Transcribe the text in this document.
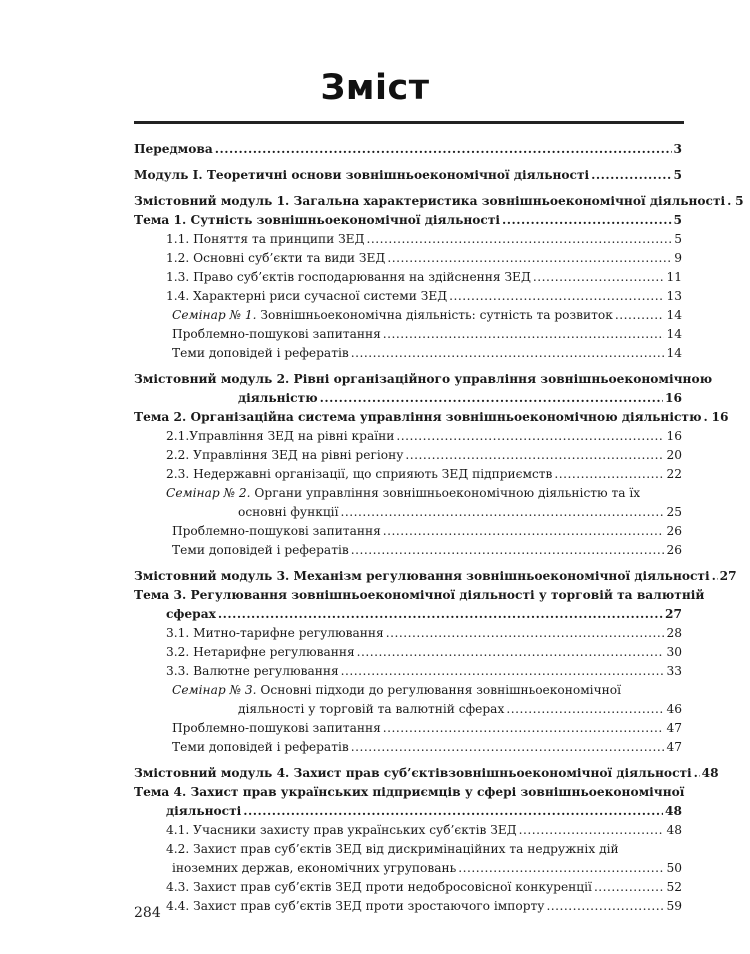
Зміст
Передмова .....	3
Модуль І. Теоретичні основи зовнішньоекономічної діяльності .....	5
Змістовний модуль 1. Загальна характеристика зовнішньоекономічної діяльності ..... 5
Тема 1. Сутність зовнішньоекономічної діяльності .....	5
1.1. Поняття та принципи ЗЕД .....	5
1.2. Основні суб’єкти та види ЗЕД .....	9
1.3. Право суб’єктів господарювання на здійснення ЗЕД .....	11
1.4. Характерні риси сучасної системи ЗЕД .....	13
Семінар № 1. Зовнішньоекономічна діяльність: сутність та розвиток .....	14
Проблемно-пошукові запитання .....	14
Теми доповідей і рефератів .....	14
Змістовний модуль 2. Рівні організаційного управління зовнішньоекономічною
діяльністю .....	16
Тема 2. Організаційна система управління зовнішньоекономічною діяльністю ..... 16
2.1.Управління ЗЕД на рівні країни .....	16
2.2. Управління ЗЕД на рівні регіону .....	20
2.3. Недержавні організації, що сприяють ЗЕД підприємств .....	22
Семінар № 2. Органи управління зовнішньоекономічною діяльністю та їх
основні функції .....	25
Проблемно-пошукові запитання .....	26
Теми доповідей і рефератів .....	26
Змістовний модуль 3. Механізм регулювання зовнішньоекономічної діяльності ..... 27
Тема 3. Регулювання зовнішньоекономічної діяльності у торговій та валютній
сферах .....	27
3.1. Митно-тарифне регулювання .....	28
3.2. Нетарифне регулювання .....	30
3.3. Валютне регулювання .....	33
Семінар № 3. Основні підходи до регулювання зовнішньоекономічної
діяльності у торговій та валютній сферах .....	46
Проблемно-пошукові запитання .....	47
Теми доповідей і рефератів .....	47
Змістовний модуль 4. Захист прав суб’єктівзовнішньоекономічної діяльності ..... 48
Тема 4. Захист прав українських підприємців у сфері зовнішньоекономічної
діяльності .....	48
4.1. Учасники захисту прав українських суб’єктів ЗЕД .....	48
4.2. Захист прав суб’єктів ЗЕД від дискримінаційних та недружніх дій
іноземних держав, економічних угруповань .....	50
4.3. Захист прав суб’єктів ЗЕД проти недобросовісної конкуренції .....	52
4.4. Захист прав суб’єктів ЗЕД проти зростаючого імпорту .....	59
284
